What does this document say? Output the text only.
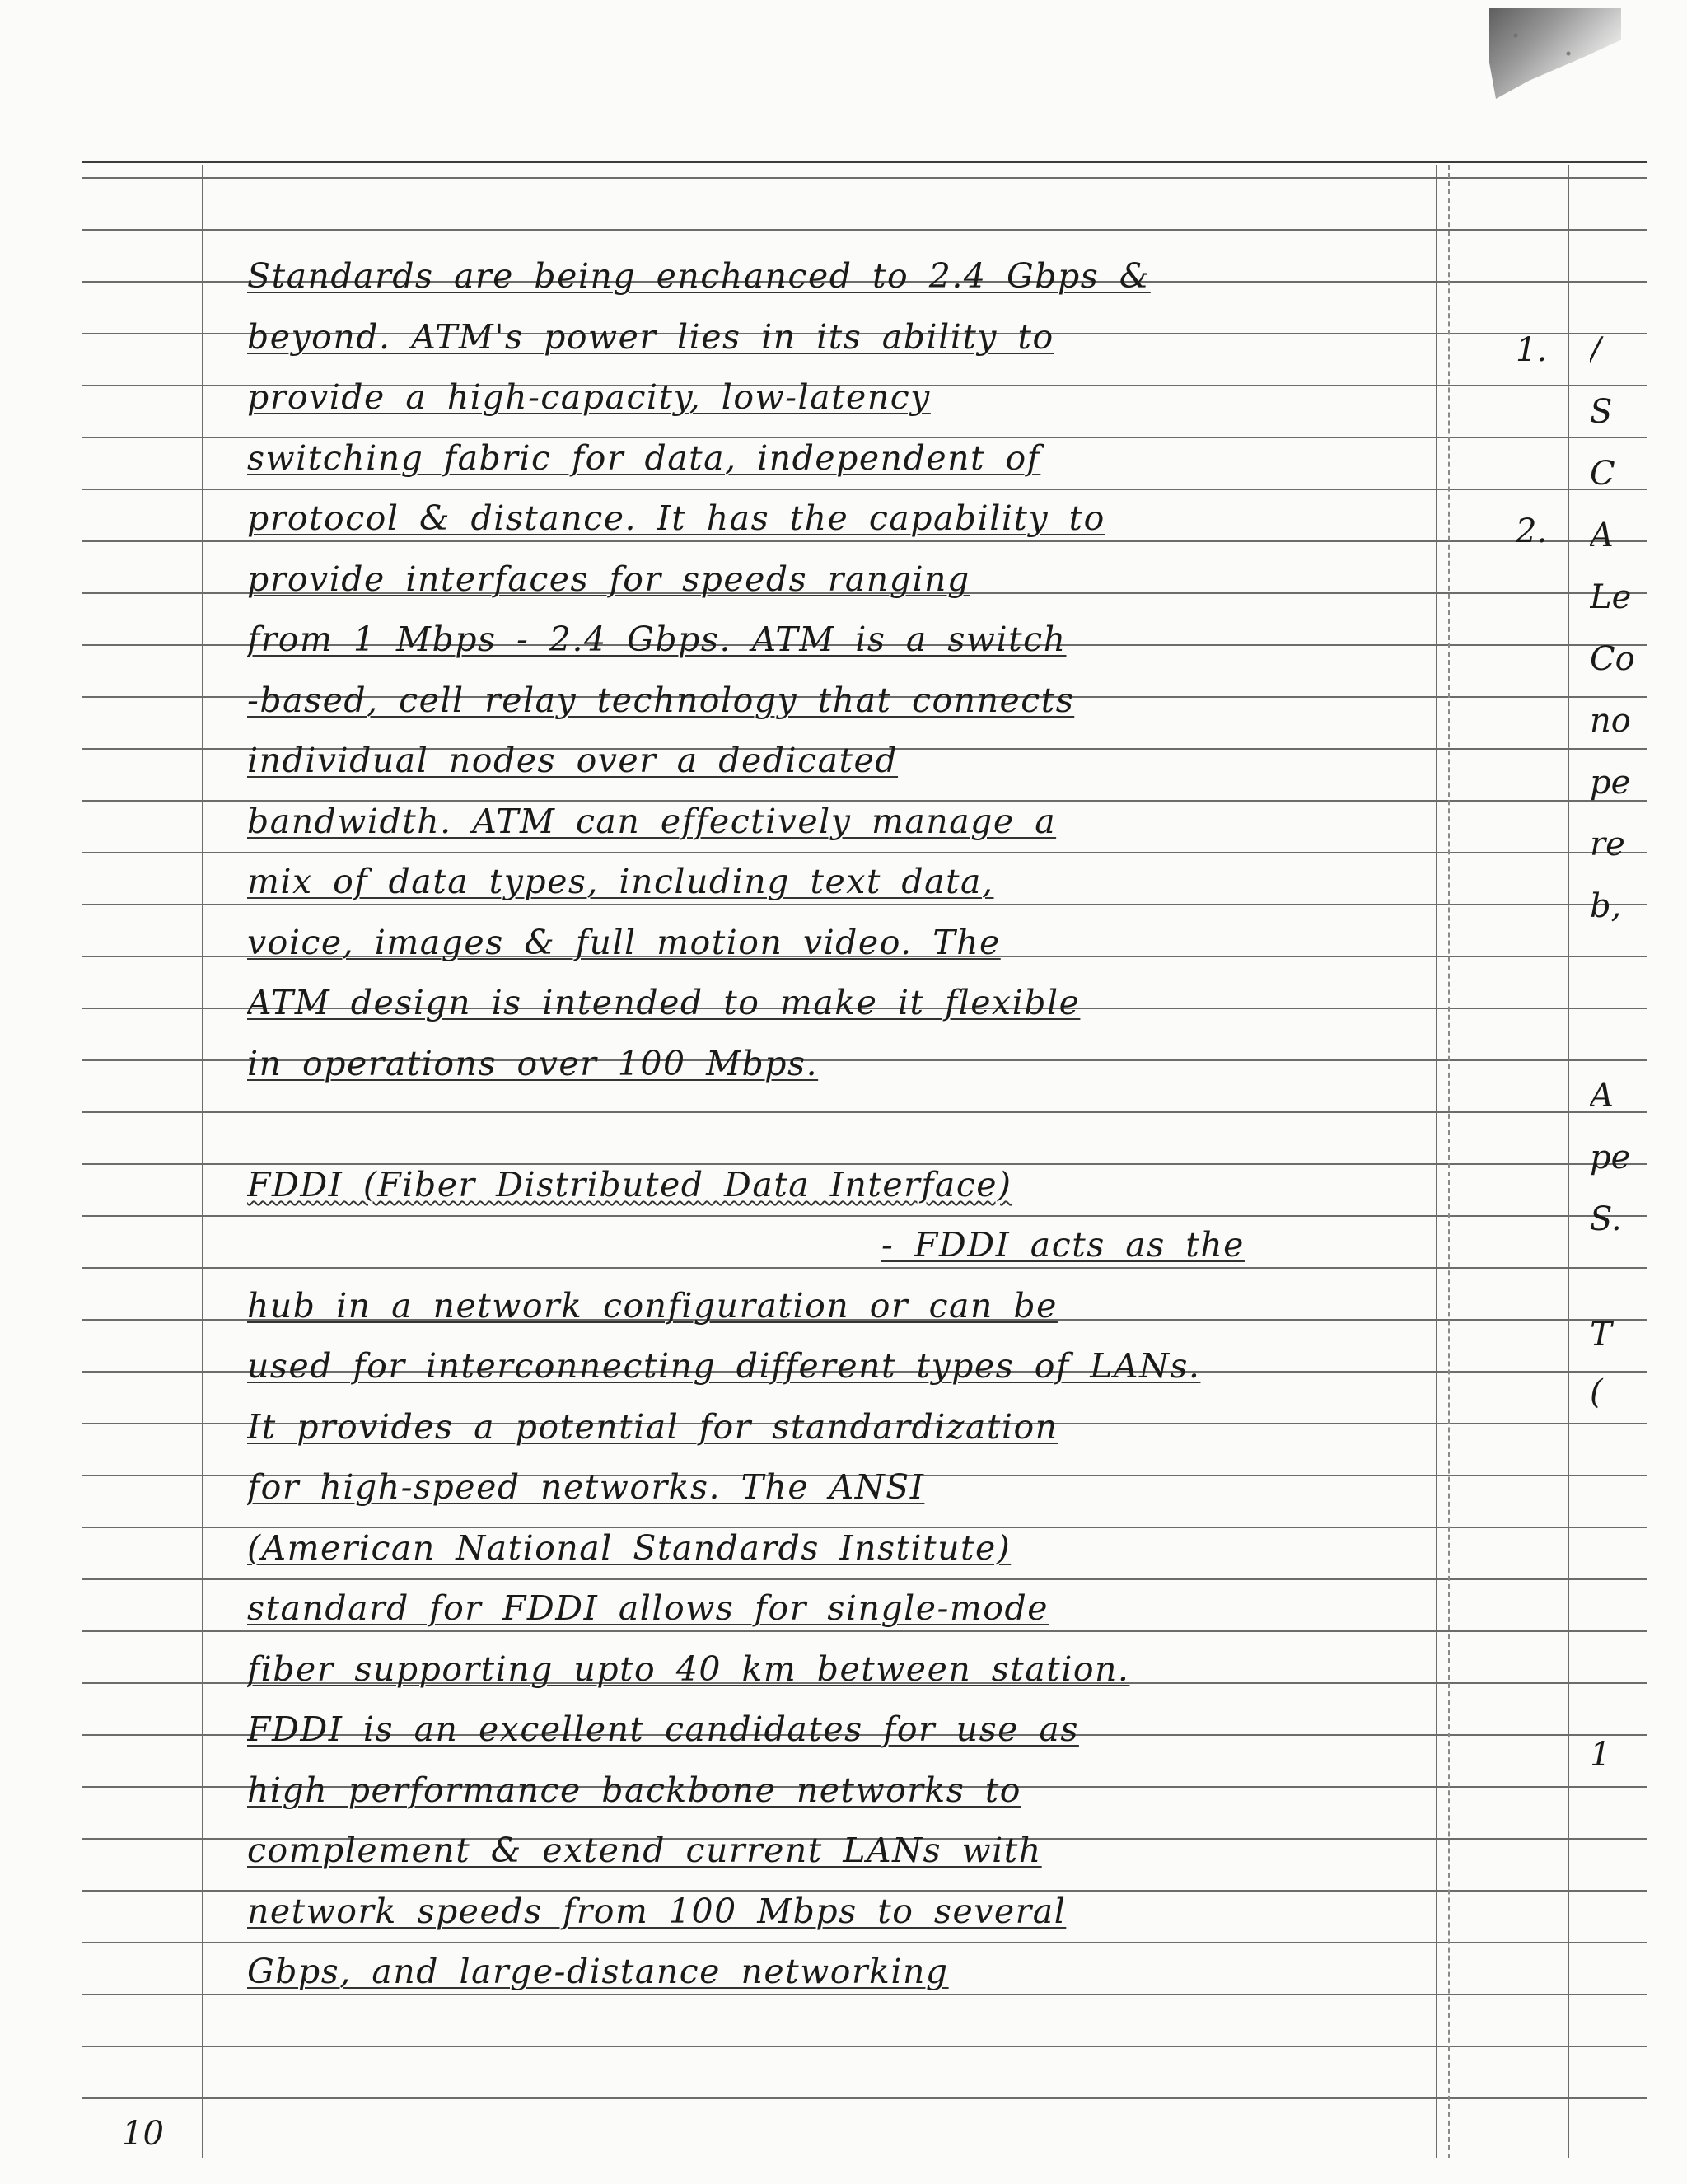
Standards are being enchanced to 2.4 Gbps &
beyond. ATM's power lies in its ability to
provide a high-capacity, low-latency
switching fabric for data, independent of
protocol & distance. It has the capability to
provide interfaces for speeds ranging
from 1 Mbps - 2.4 Gbps. ATM is a switch
-based, cell relay technology that connects
individual nodes over a dedicated
bandwidth. ATM can effectively manage a
mix of data types, including text data,
voice, images & full motion video. The
ATM design is intended to make it flexible
in operations over 100 Mbps.
FDDI (Fiber Distributed Data Interface)
- FDDI acts as the
hub in a network configuration or can be
used for interconnecting different types of LANs.
It provides a potential for standardization
for high-speed networks. The ANSI
(American National Standards Institute)
standard for FDDI allows for single-mode
fiber supporting upto 40 km between station.
FDDI is an excellent candidates for use as
high performance backbone networks to
complement & extend current LANs with
network speeds from 100 Mbps to several
Gbps, and large-distance networking
1.
2.
/
S
C
A
Le
Co
no
pe
re
b,
A
pe
S.
T
(
1
10
